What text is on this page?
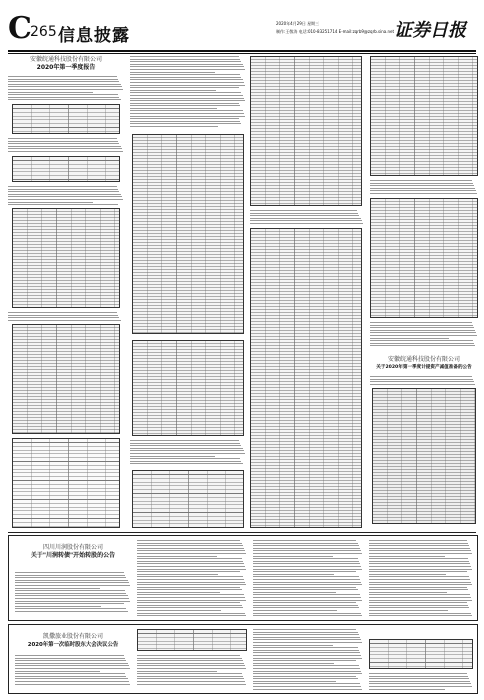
C
265 信息披露
2020年4月29日 星期三
制作:王敬涛 电话:010-83251714 E-mail:zqrb9@zqrb.sina.net 证券日报
安徽皖通科技股份有限公司
2020年第一季度报告
安徽皖通科技股份有限公司
关于2020年第一季度计提资产减值准备的公告
四川川润股份有限公司
关于"川润转债"开始转股的公告
凯撒旅业股份有限公司
2020年第一次临时股东大会决议公告
